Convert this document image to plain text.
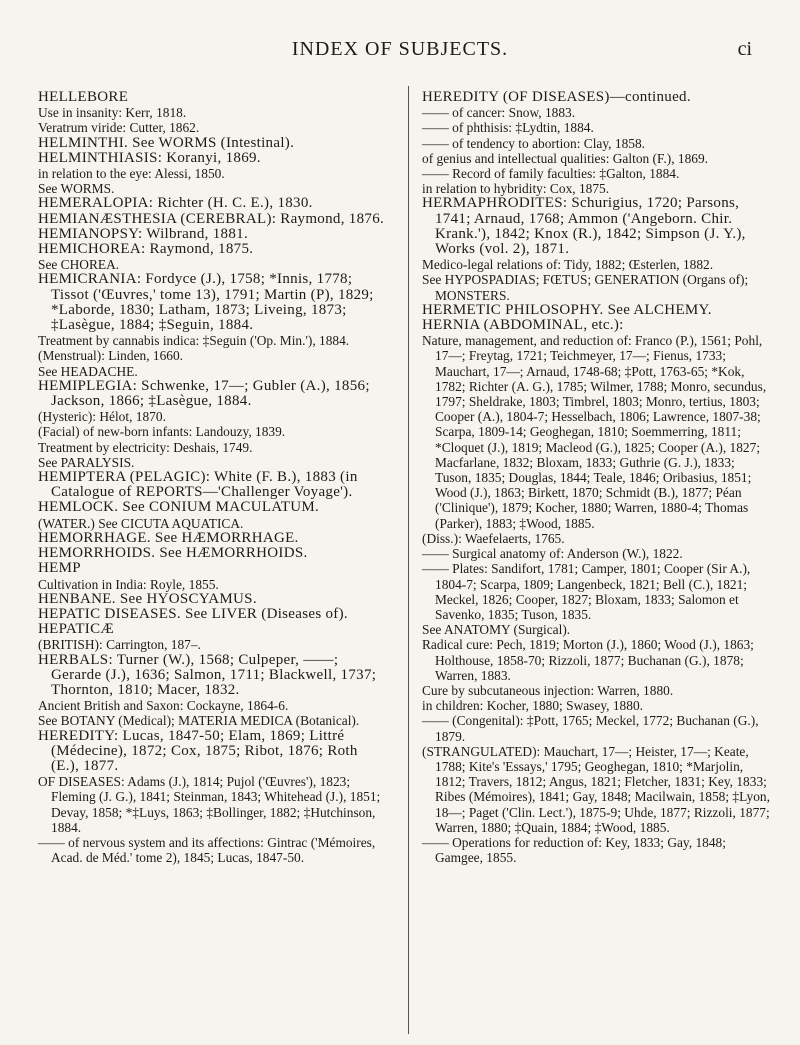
INDEX OF SUBJECTS.	ci

HELLEBORE

Use in insanity: Kerr, 1818.

Veratrum viride: Cutter, 1862.

HELMINTHI. See WORMS (Intestinal).

HELMINTHIASIS: Koranyi, 1869.

in relation to the eye: Alessi, 1850.

See WORMS.

HEMERALOPIA: Richter (H. C. E.), 1830.

HEMIANÆSTHESIA (CEREBRAL): Raymond, 1876.

HEMIANOPSY: Wilbrand, 1881.

HEMICHOREA: Raymond, 1875.

See CHOREA.

HEMICRANIA: Fordyce (J.), 1758; *Innis, 1778; Tissot ('Œuvres,' tome 13), 1791; Martin (P), 1829; *Laborde, 1830; Latham, 1873; Liveing, 1873; ‡Lasègue, 1884; ‡Seguin, 1884.

Treatment by cannabis indica: ‡Seguin ('Op. Min.'), 1884.

(Menstrual): Linden, 1660.

See HEADACHE.

HEMIPLEGIA: Schwenke, 17—; Gubler (A.), 1856; Jackson, 1866; ‡Lasègue, 1884.

(Hysteric): Hélot, 1870.

(Facial) of new-born infants: Landouzy, 1839.

Treatment by electricity: Deshais, 1749.

See PARALYSIS.

HEMIPTERA (PELAGIC): White (F. B.), 1883 (in Catalogue of REPORTS—'Challenger Voyage').

HEMLOCK. See CONIUM MACULATUM.

(WATER.) See CICUTA AQUATICA.

HEMORRHAGE. See HÆMORRHAGE.

HEMORRHOIDS. See HÆMORRHOIDS.

HEMP

Cultivation in India: Royle, 1855.

HENBANE. See HYOSCYAMUS.

HEPATIC DISEASES. See LIVER (Diseases of).

HEPATICÆ

(BRITISH): Carrington, 187–.

HERBALS: Turner (W.), 1568; Culpeper, ——; Gerarde (J.), 1636; Salmon, 1711; Blackwell, 1737; Thornton, 1810; Macer, 1832.

Ancient British and Saxon: Cockayne, 1864-6.

See BOTANY (Medical); MATERIA MEDICA (Botanical).

HEREDITY: Lucas, 1847-50; Elam, 1869; Littré (Médecine), 1872; Cox, 1875; Ribot, 1876; Roth (E.), 1877.

OF DISEASES: Adams (J.), 1814; Pujol ('Œuvres'), 1823; Fleming (J. G.), 1841; Steinman, 1843; Whitehead (J.), 1851; Devay, 1858; *‡Luys, 1863; ‡Bollinger, 1882; ‡Hutchinson, 1884.

—— of nervous system and its affections: Gintrac ('Mémoires, Acad. de Méd.' tome 2), 1845; Lucas, 1847-50.

HEREDITY (OF DISEASES)—continued.

—— of cancer: Snow, 1883.

—— of phthisis: ‡Lydtin, 1884.

—— of tendency to abortion: Clay, 1858.

of genius and intellectual qualities: Galton (F.), 1869.

—— Record of family faculties: ‡Galton, 1884.

in relation to hybridity: Cox, 1875.

HERMAPHRODITES: Schurigius, 1720; Parsons, 1741; Arnaud, 1768; Ammon ('Angeborn. Chir. Krank.'), 1842; Knox (R.), 1842; Simpson (J. Y.), Works (vol. 2), 1871.

Medico-legal relations of: Tidy, 1882; Œsterlen, 1882.

See HYPOSPADIAS; FŒTUS; GENERATION (Organs of); MONSTERS.

HERMETIC PHILOSOPHY. See ALCHEMY.

HERNIA (ABDOMINAL, etc.):

Nature, management, and reduction of: Franco (P.), 1561; Pohl, 17—; Freytag, 1721; Teichmeyer, 17—; Fienus, 1733; Mauchart, 17—; Arnaud, 1748-68; ‡Pott, 1763-65; *Kok, 1782; Richter (A. G.), 1785; Wilmer, 1788; Monro, secundus, 1797; Sheldrake, 1803; Timbrel, 1803; Monro, tertius, 1803; Cooper (A.), 1804-7; Hesselbach, 1806; Lawrence, 1807-38; Scarpa, 1809-14; Geoghegan, 1810; Soemmerring, 1811; *Cloquet (J.), 1819; Macleod (G.), 1825; Cooper (A.), 1827; Macfarlane, 1832; Bloxam, 1833; Guthrie (G. J.), 1833; Tuson, 1835; Douglas, 1844; Teale, 1846; Oribasius, 1851; Wood (J.), 1863; Birkett, 1870; Schmidt (B.), 1877; Péan ('Clinique'), 1879; Kocher, 1880; Warren, 1880-4; Thomas (Parker), 1883; ‡Wood, 1885.

(Diss.): Waefelaerts, 1765.

—— Surgical anatomy of: Anderson (W.), 1822.

—— Plates: Sandifort, 1781; Camper, 1801; Cooper (Sir A.), 1804-7; Scarpa, 1809; Langenbeck, 1821; Bell (C.), 1821; Meckel, 1826; Cooper, 1827; Bloxam, 1833; Salomon et Savenko, 1835; Tuson, 1835.

See ANATOMY (Surgical).

Radical cure: Pech, 1819; Morton (J.), 1860; Wood (J.), 1863; Holthouse, 1858-70; Rizzoli, 1877; Buchanan (G.), 1878; Warren, 1883.

Cure by subcutaneous injection: Warren, 1880.

in children: Kocher, 1880; Swasey, 1880.

—— (Congenital): ‡Pott, 1765; Meckel, 1772; Buchanan (G.), 1879.

(STRANGULATED): Mauchart, 17—; Heister, 17—; Keate, 1788; Kite's 'Essays,' 1795; Geoghegan, 1810; *Marjolin, 1812; Travers, 1812; Angus, 1821; Fletcher, 1831; Key, 1833; Ribes (Mémoires), 1841; Gay, 1848; Macilwain, 1858; ‡Lyon, 18—; Paget ('Clin. Lect.'), 1875-9; Uhde, 1877; Rizzoli, 1877; Warren, 1880; ‡Quain, 1884; ‡Wood, 1885.

—— Operations for reduction of: Key, 1833; Gay, 1848; Gamgee, 1855.
